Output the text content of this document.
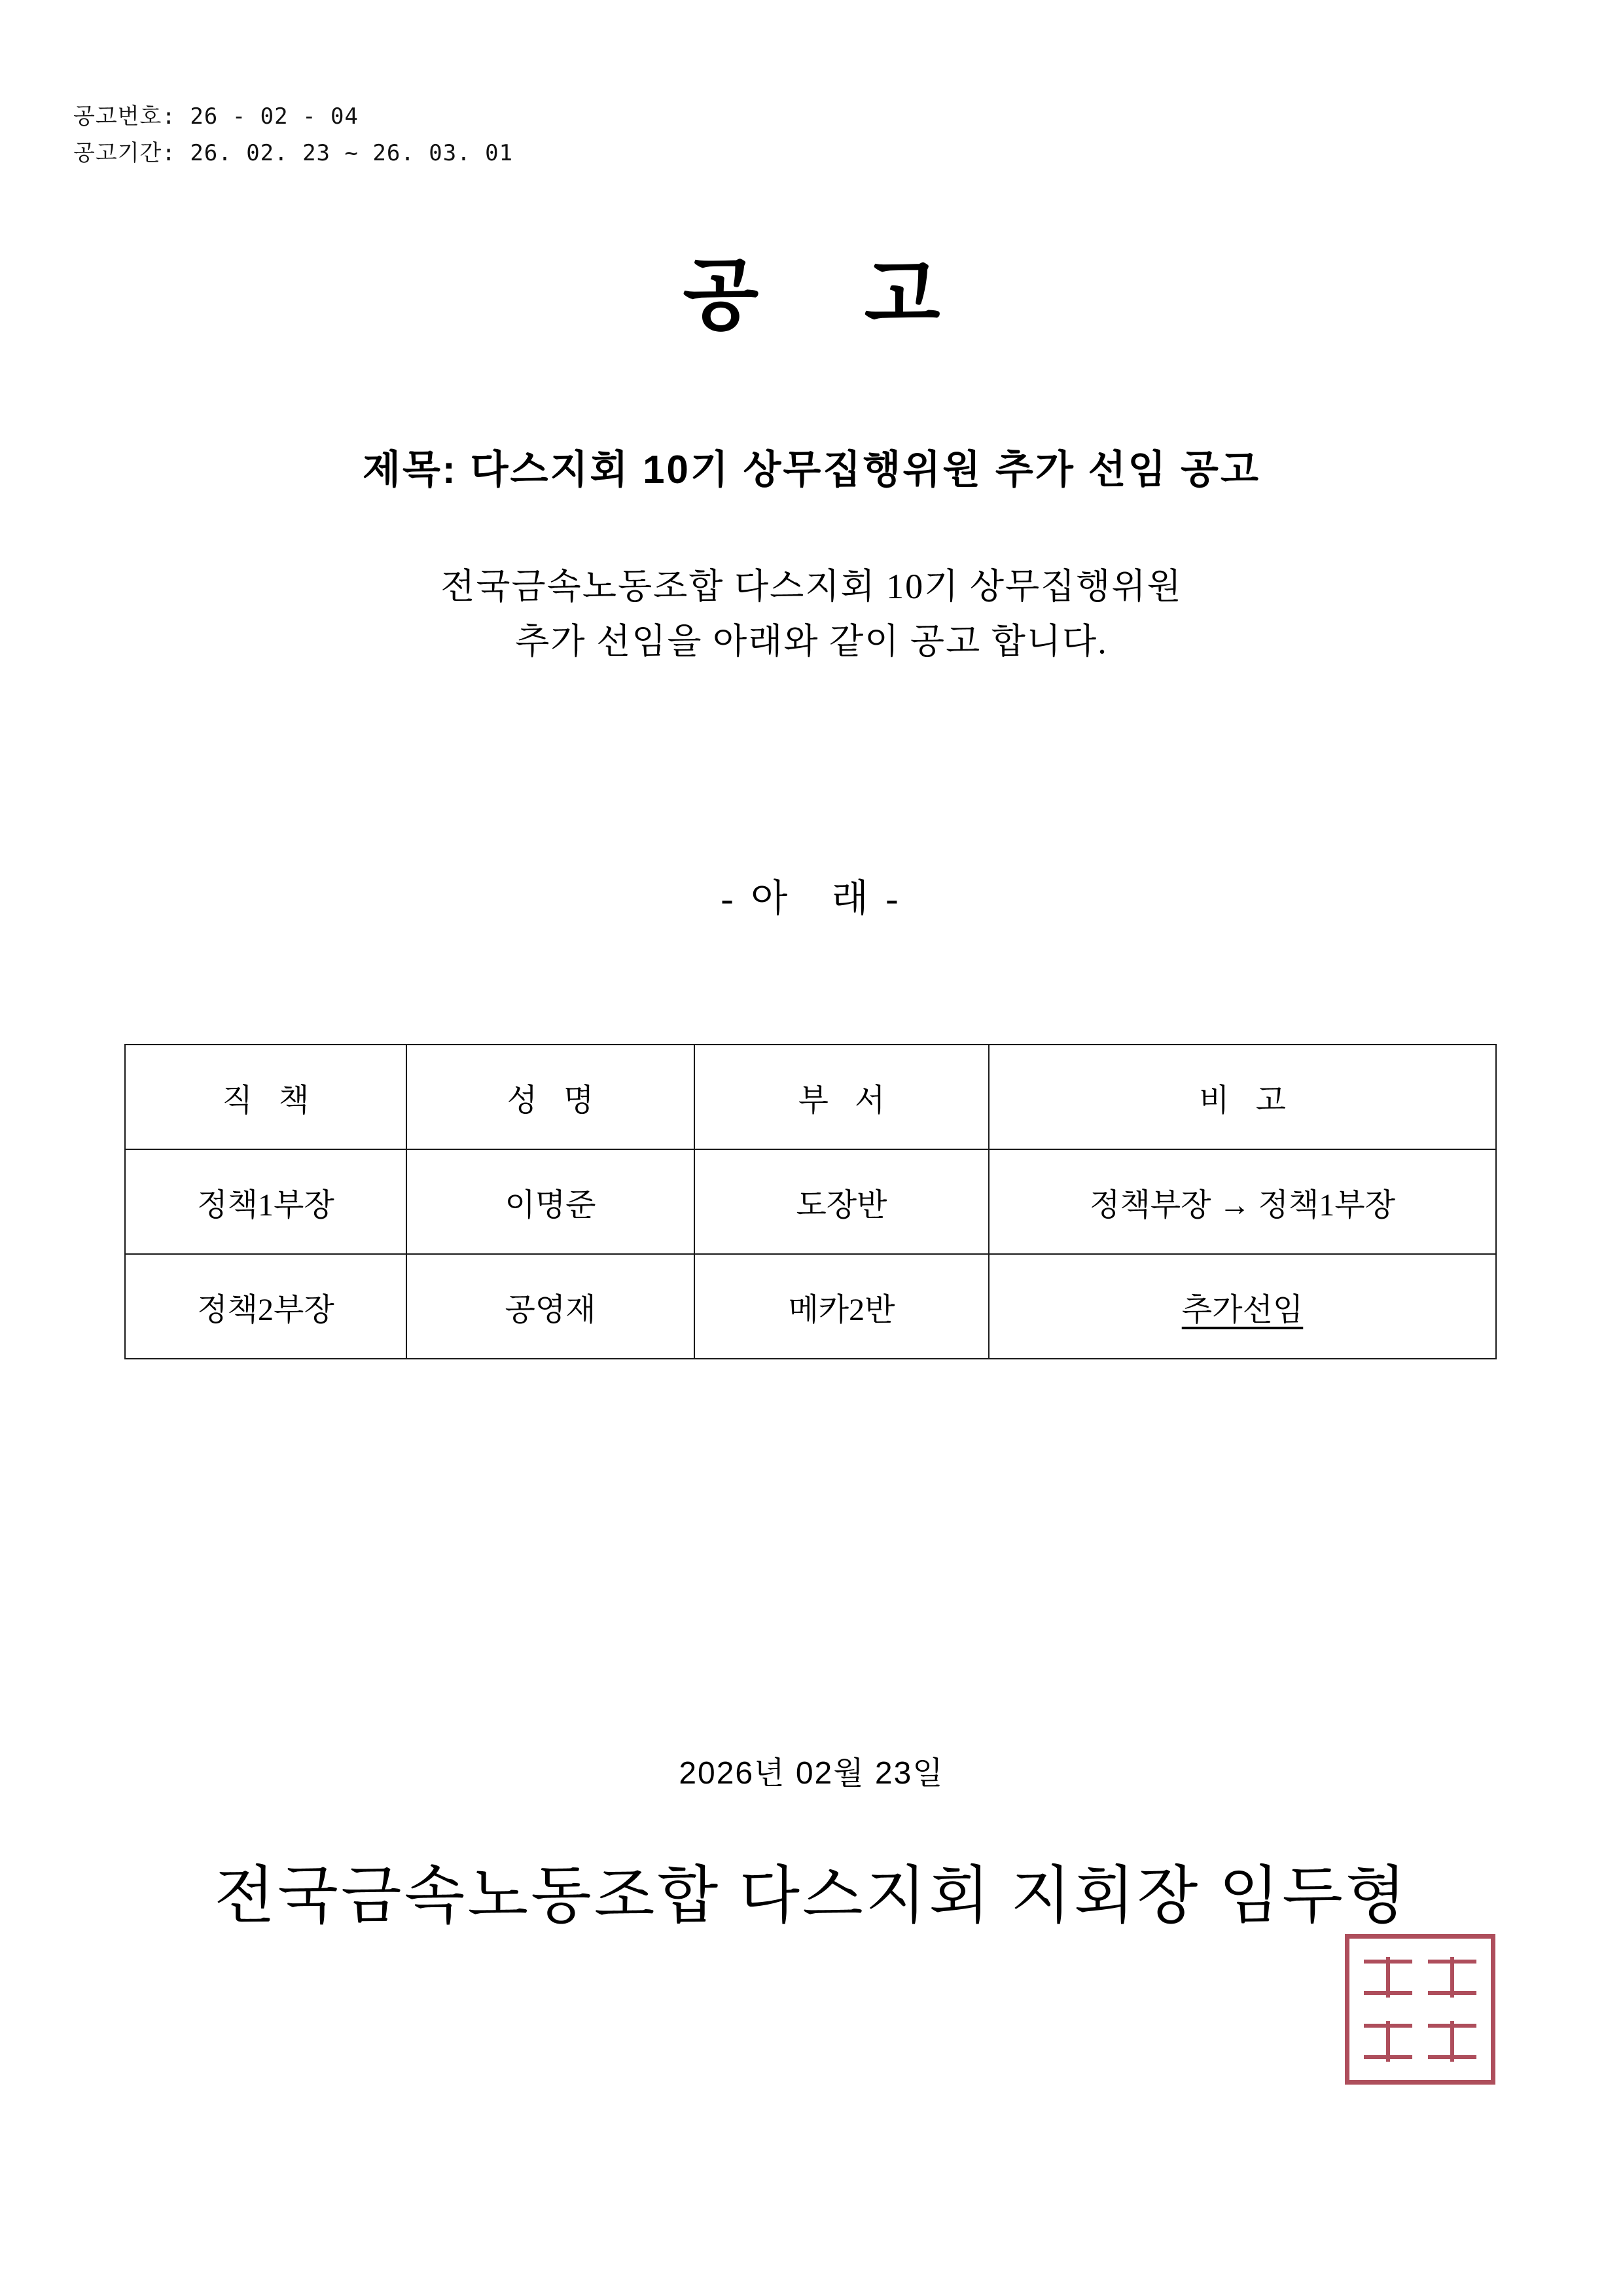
공고번호: 26 - 02 - 04
공고기간: 26. 02. 23 ~ 26. 03. 01
공 고
제목: 다스지회 10기 상무집행위원 추가 선임 공고
전국금속노동조합 다스지회 10기 상무집행위원
추가 선임을 아래와 같이 공고 합니다.
- 아   래 -
직 책	성 명	부 서	비 고
정책1부장	이명준	도장반	정책부장 → 정책1부장
정책2부장	공영재	메카2반	추가선임
2026년 02월 23일
전국금속노동조합 다스지회 지회장 임두형
